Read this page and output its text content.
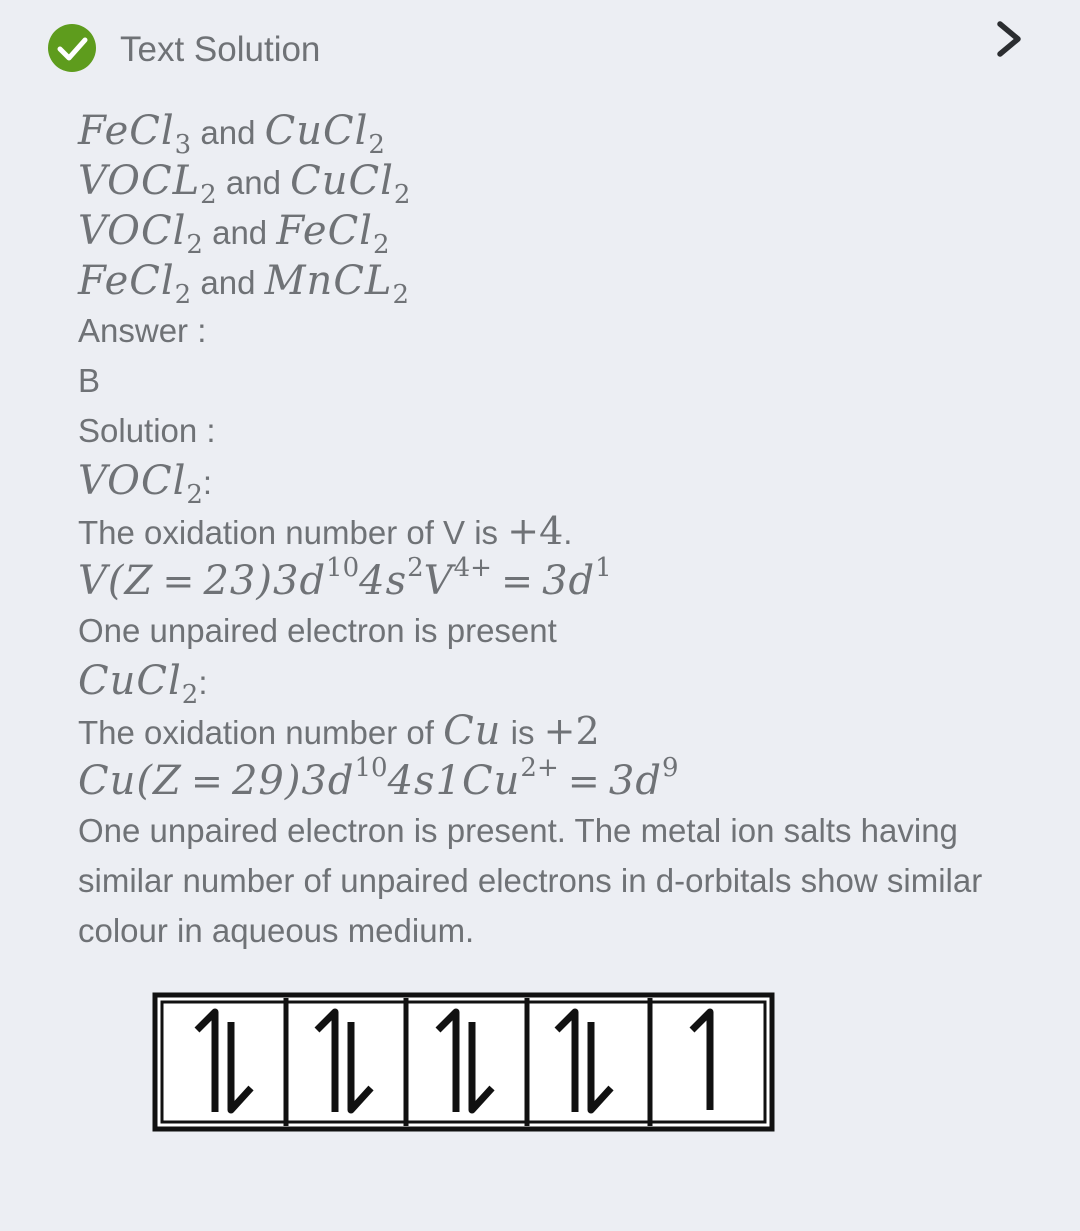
Text Solution
FeCl$_3$ and CuCl$_2$
$VOCL_2$ and CuCl$_2$
VOCl$_2$ and FeCl$_2$
FeCl$_2$ and MnCL$_2$
Answer :
B
Solution :
VOCl$_2$:
The oxidation number of V is +4.
$V(Z = 23)3d^{10}4s^2V^{4+} = 3d^1$
One unpaired electron is present
CuCl$_2$:
The oxidation number of Cu is +2
$Cu(Z = 29)3d^{10}4s1Cu^{2+} = 3d^9$
One unpaired electron is present. The metal ion salts having similar number of unpaired electrons in d-orbitals show similar colour in aqueous medium.
